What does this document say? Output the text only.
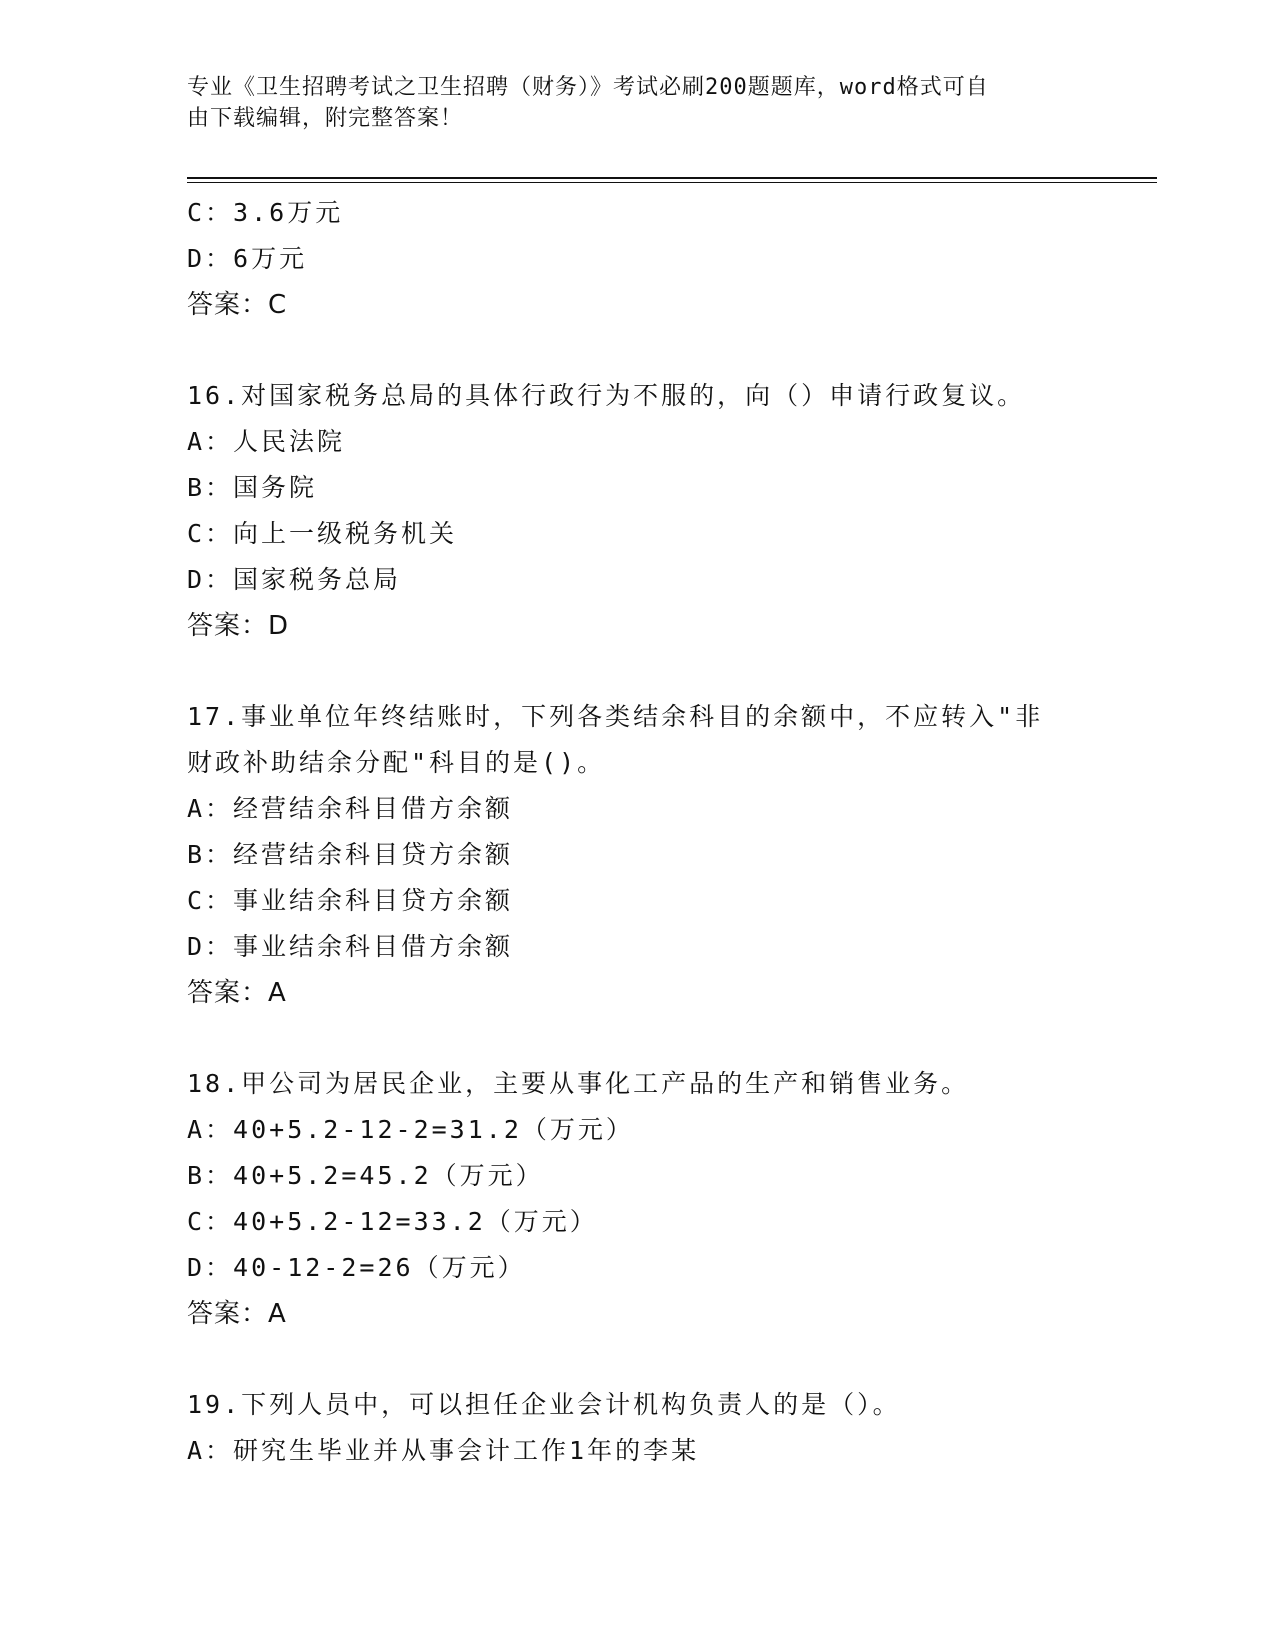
专业《卫生招聘考试之卫生招聘（财务）》考试必刷200题题库，word格式可自
由下载编辑，附完整答案！
C：3.6万元
D：6万元
答案：C
16.对国家税务总局的具体行政行为不服的，向（）申请行政复议。
A：人民法院
B：国务院
C：向上一级税务机关
D：国家税务总局
答案：D
17.事业单位年终结账时，下列各类结余科目的余额中，不应转入"非
财政补助结余分配"科目的是()。
A：经营结余科目借方余额
B：经营结余科目贷方余额
C：事业结余科目贷方余额
D：事业结余科目借方余额
答案：A
18.甲公司为居民企业，主要从事化工产品的生产和销售业务。
A：40+5.2-12-2=31.2（万元）
B：40+5.2=45.2（万元）
C：40+5.2-12=33.2（万元）
D：40-12-2=26（万元）
答案：A
19.下列人员中，可以担任企业会计机构负责人的是（）。
A：研究生毕业并从事会计工作1年的李某
